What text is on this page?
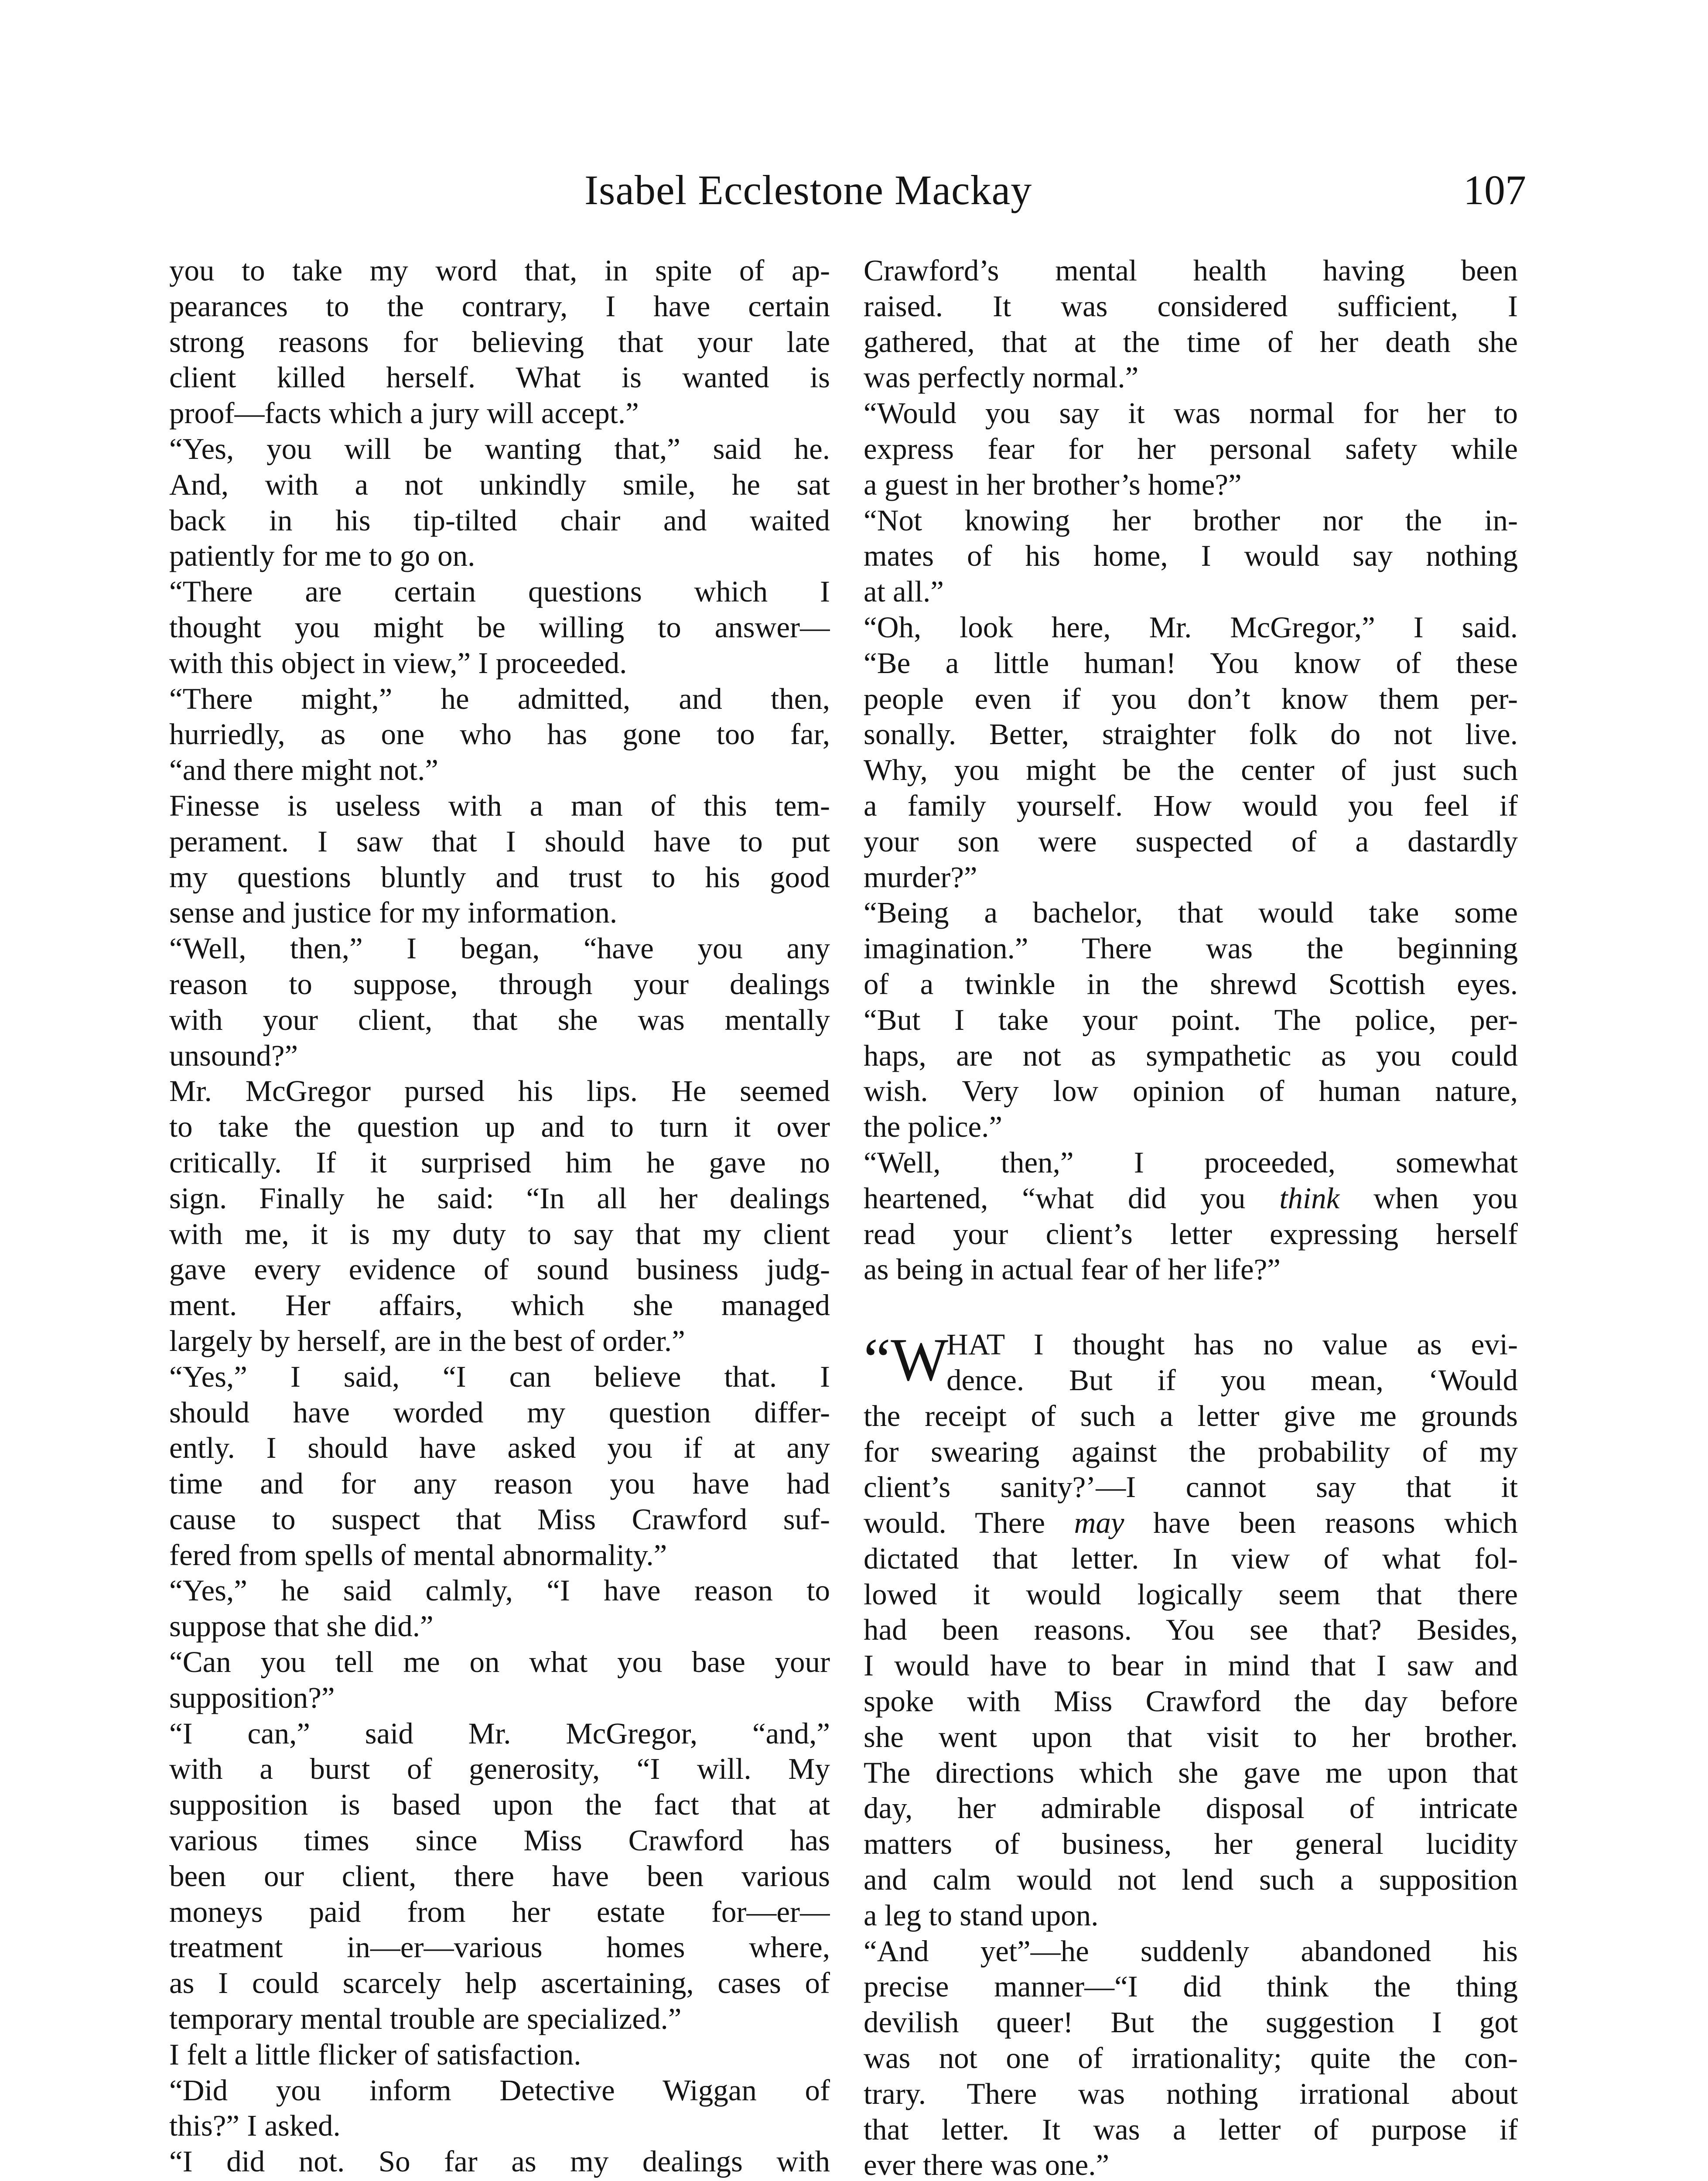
Isabel Ecclestone Mackay	107
you to take my word that, in spite of ap-
pearances to the contrary, I have certain
strong reasons for believing that your late
client killed herself. What is wanted is
proof—facts which a jury will accept.”
“Yes, you will be wanting that,” said he.
And, with a not unkindly smile, he sat
back in his tip-tilted chair and waited
patiently for me to go on.
“There are certain questions which I
thought you might be willing to answer—
with this object in view,” I proceeded.
“There might,” he admitted, and then,
hurriedly, as one who has gone too far,
“and there might not.”
Finesse is useless with a man of this tem-
perament. I saw that I should have to put
my questions bluntly and trust to his good
sense and justice for my information.
“Well, then,” I began, “have you any
reason to suppose, through your dealings
with your client, that she was mentally
unsound?”
Mr. McGregor pursed his lips. He seemed
to take the question up and to turn it over
critically. If it surprised him he gave no
sign. Finally he said: “In all her dealings
with me, it is my duty to say that my client
gave every evidence of sound business judg-
ment. Her affairs, which she managed
largely by herself, are in the best of order.”
“Yes,” I said, “I can believe that. I
should have worded my question differ-
ently. I should have asked you if at any
time and for any reason you have had
cause to suspect that Miss Crawford suf-
fered from spells of mental abnormality.”
“Yes,” he said calmly, “I have reason to
suppose that she did.”
“Can you tell me on what you base your
supposition?”
“I can,” said Mr. McGregor, “and,”
with a burst of generosity, “I will. My
supposition is based upon the fact that at
various times since Miss Crawford has
been our client, there have been various
moneys paid from her estate for—er—
treatment in—er—various homes where,
as I could scarcely help ascertaining, cases of
temporary mental trouble are specialized.”
I felt a little flicker of satisfaction.
“Did you inform Detective Wiggan of
this?” I asked.
“I did not. So far as my dealings with
Crawford’s mental health having been
raised. It was considered sufficient, I
gathered, that at the time of her death she
was perfectly normal.”
“Would you say it was normal for her to
express fear for her personal safety while
a guest in her brother’s home?”
“Not knowing her brother nor the in-
mates of his home, I would say nothing
at all.”
“Oh, look here, Mr. McGregor,” I said.
“Be a little human! You know of these
people even if you don’t know them per-
sonally. Better, straighter folk do not live.
Why, you might be the center of just such
a family yourself. How would you feel if
your son were suspected of a dastardly
murder?”
“Being a bachelor, that would take some
imagination.” There was the beginning
of a twinkle in the shrewd Scottish eyes.
“But I take your point. The police, per-
haps, are not as sympathetic as you could
wish. Very low opinion of human nature,
the police.”
“Well, then,” I proceeded, somewhat
heartened, “what did you think when you
read your client’s letter expressing herself
as being in actual fear of her life?”
“W
HAT I thought has no value as evi-
dence. But if you mean, ‘Would
the receipt of such a letter give me grounds
for swearing against the probability of my
client’s sanity?’—I cannot say that it
would. There may have been reasons which
dictated that letter. In view of what fol-
lowed it would logically seem that there
had been reasons. You see that? Besides,
I would have to bear in mind that I saw and
spoke with Miss Crawford the day before
she went upon that visit to her brother.
The directions which she gave me upon that
day, her admirable disposal of intricate
matters of business, her general lucidity
and calm would not lend such a supposition
a leg to stand upon.
“And yet”—he suddenly abandoned his
precise manner—“I did think the thing
devilish queer! But the suggestion I got
was not one of irrationality; quite the con-
trary. There was nothing irrational about
that letter. It was a letter of purpose if
ever there was one.”
